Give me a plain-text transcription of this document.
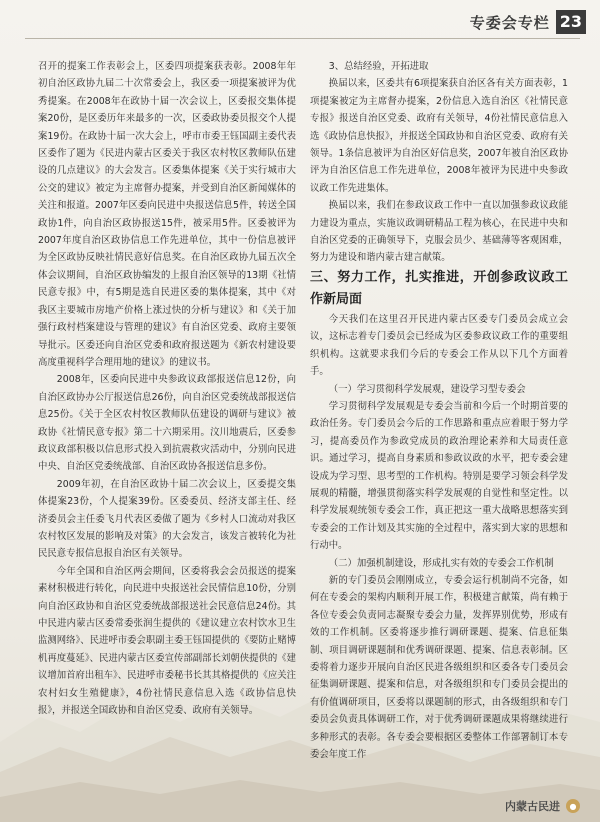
专委会专栏 23

召开的提案工作表彰会上，区委四项提案获表彰。2008年年初自治区政协九届二十次常委会上，我区委一项提案被评为优秀提案。在2008年在政协十届一次会议上，区委报交集体提案20份，是区委历年来最多的一次，区委政协委员报交个人提案19份。在政协十届一次大会上，呼市市委王钰国副主委代表区委作了题为《民进内蒙古区委关于我区农村牧区教师队伍建设的几点建议》的大会发言。区委集体提案《关于实行城市大公交的建议》被定为主席督办提案，并受到自治区新闻媒体的关注和报道。2007年区委向民进中央报送信息5件，转送全国政协1件，向自治区政协报送15件，被采用5件。区委被评为2007年度自治区政协信息工作先进单位，其中一份信息被评为全区政协反映社情民意好信息奖。在自治区政协九届五次全体会议期间，自治区政协编发的上报自治区领导的13期《社情民意专报》中，有5期是选自民进区委的集体提案，其中《对我区主要城市房地产价格上涨过快的分析与建议》和《关于加强行政村档案建设与管理的建议》有自治区党委、政府主要领导批示。区委还向自治区党委和政府报送题为《新农村建设要高度重视科学合理用地的建议》的建议书。

2008年，区委向民进中央参政议政部报送信息12份，向自治区政协办公厅报送信息26份，向自治区党委统战部报送信息25份。《关于全区农村牧区教师队伍建设的调研与建议》被政协《社情民意专报》第二十六期采用。汶川地震后，区委参政议政部积极以信息形式投入到抗震救灾活动中，分别向民进中央、自治区党委统战部、自治区政协各报送信息多份。

2009年初，在自治区政协十届二次会议上，区委提交集体提案23份，个人提案39份。区委委员、经济支部主任、经济委员会主任委飞月代表区委做了题为《乡村人口流动对我区农村牧区发展的影响及对策》的大会发言，该发言被转化为社民民意专报信息报自治区有关领导。

今年全国和自治区两会期间，区委将我会会员报送的提案素材积极进行转化，向民进中央报送社会民情信息10份，分别向自治区政协和自治区党委统战部报送社会民意信息24份。其中民进内蒙古区委常委张润生提供的《建议建立农村饮水卫生监测网络》、民进呼市委会职副主委王钰国提供的《要防止赌博机再度蔓延》、民进内蒙古区委宣传部副部长刘朝侠提供的《建议增加首府出租车》、民进呼市委秘书长其其格提供的《应关注农村妇女生殖健康》，4份社情民意信息入选《政协信息快报》，并报送全国政协和自治区党委、政府有关领导。

3、总结经验，开拓进取

换届以来，区委共有6项提案获自治区各有关方面表彰，1项提案被定为主席督办提案，2份信息入选自治区《社情民意专报》报送自治区党委、政府有关领导，4份社情民意信息入选《政协信息快报》，并报送全国政协和自治区党委、政府有关领导。1条信息被评为自治区好信息奖，2007年被自治区政协评为自治区信息工作先进单位，2008年被评为民进中央参政议政工作先进集体。

换届以来，我们在参政议政工作中一直以加强参政议政能力建设为重点，实施议政调研精品工程为核心，在民进中央和自治区党委的正确领导下，克服会员少、基础薄等客观困难，努力为建设和谐内蒙古建言献策。

三、努力工作，扎实推进，开创参政议政工作新局面

今天我们在这里召开民进内蒙古区委专门委员会成立会议，这标志着专门委员会已经成为区委参政议政工作的重要组织机构。这就要求我们今后的专委会工作从以下几个方面着手。

（一）学习贯彻科学发展观，建设学习型专委会

学习贯彻科学发展观是专委会当前和今后一个时期首要的政治任务。专门委员会今后的工作思路和重点应着眼于努力学习，提高委员作为参政党成员的政治理论素养和大局责任意识。通过学习，提高自身素质和参政议政的水平，把专委会建设成为学习型、思考型的工作机构。特别是要学习领会科学发展观的精髓，增强贯彻落实科学发展观的自觉性和坚定性。以科学发展观统领专委会工作，真正把这一重大战略思想落实到专委会的工作计划及其实施的全过程中，落实到大家的思想和行动中。

（二）加强机制建设，形成扎实有效的专委会工作机制

新的专门委员会刚刚成立，专委会运行机制尚不完备，如何在专委会的架构内顺利开展工作，积极建言献策，尚有赖于各位专委会负责同志凝聚专委会力量，发挥界别优势，形成有效的工作机制。区委将逐步推行调研课题、提案、信息征集制、项目调研课题制和优秀调研课题、提案、信息表彰制。区委将着力逐步开展向自治区民进各级组织和区委各专门委员会征集调研课题、提案和信息，对各级组织和专门委员会提出的有价值调研项目，区委将以课题制的形式，由各级组织和专门委员会负责具体调研工作，对于优秀调研课题成果将继续进行多种形式的表彰。各专委会要根据区委整体工作部署制订本专委会年度工作

内蒙古民进	●
